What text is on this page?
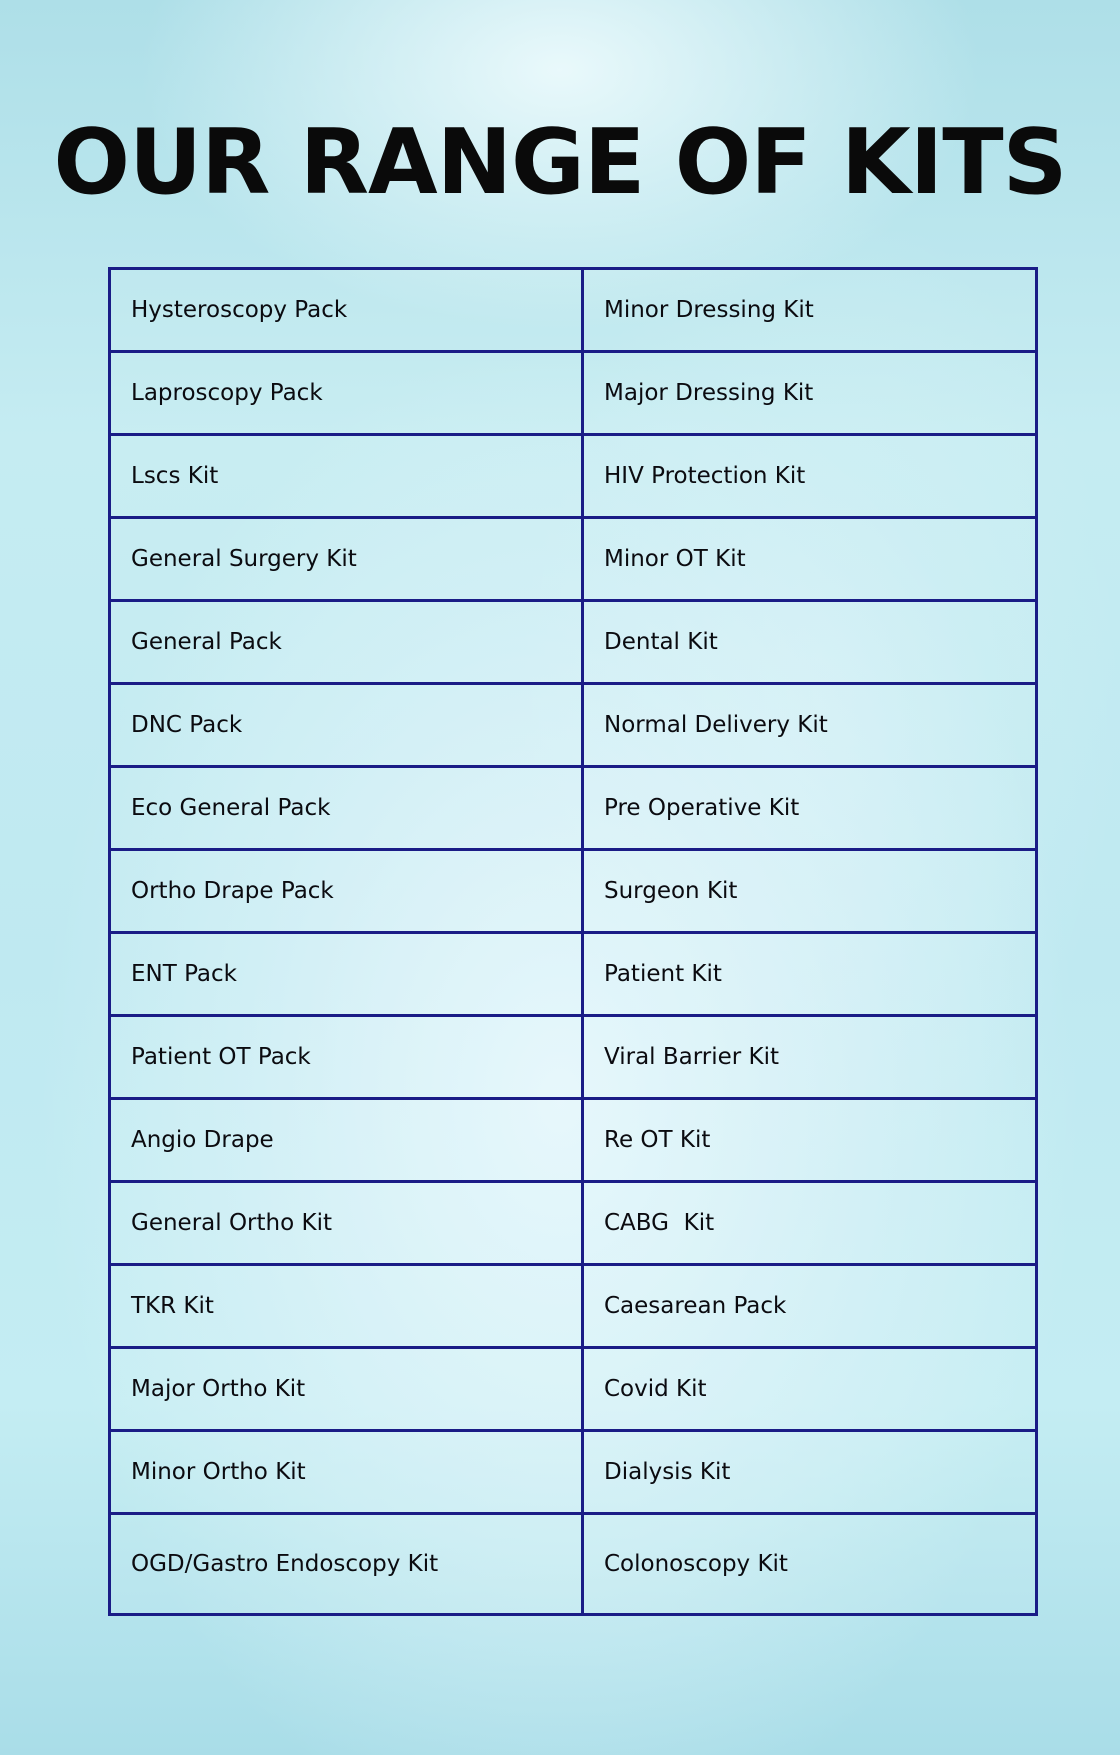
OUR RANGE OF KITS
Hysteroscopy Pack	Minor Dressing Kit
Laproscopy Pack	Major Dressing Kit
Lscs Kit	HIV Protection Kit
General Surgery Kit	Minor OT Kit
General Pack	Dental Kit
DNC Pack	Normal Delivery Kit
Eco General Pack	Pre Operative Kit
Ortho Drape Pack	Surgeon Kit
ENT Pack	Patient Kit
Patient OT Pack	Viral Barrier Kit
Angio Drape	Re OT Kit
General Ortho Kit	CABG  Kit
TKR Kit	Caesarean Pack
Major Ortho Kit	Covid Kit
Minor Ortho Kit	Dialysis Kit
OGD/Gastro Endoscopy Kit	Colonoscopy Kit
